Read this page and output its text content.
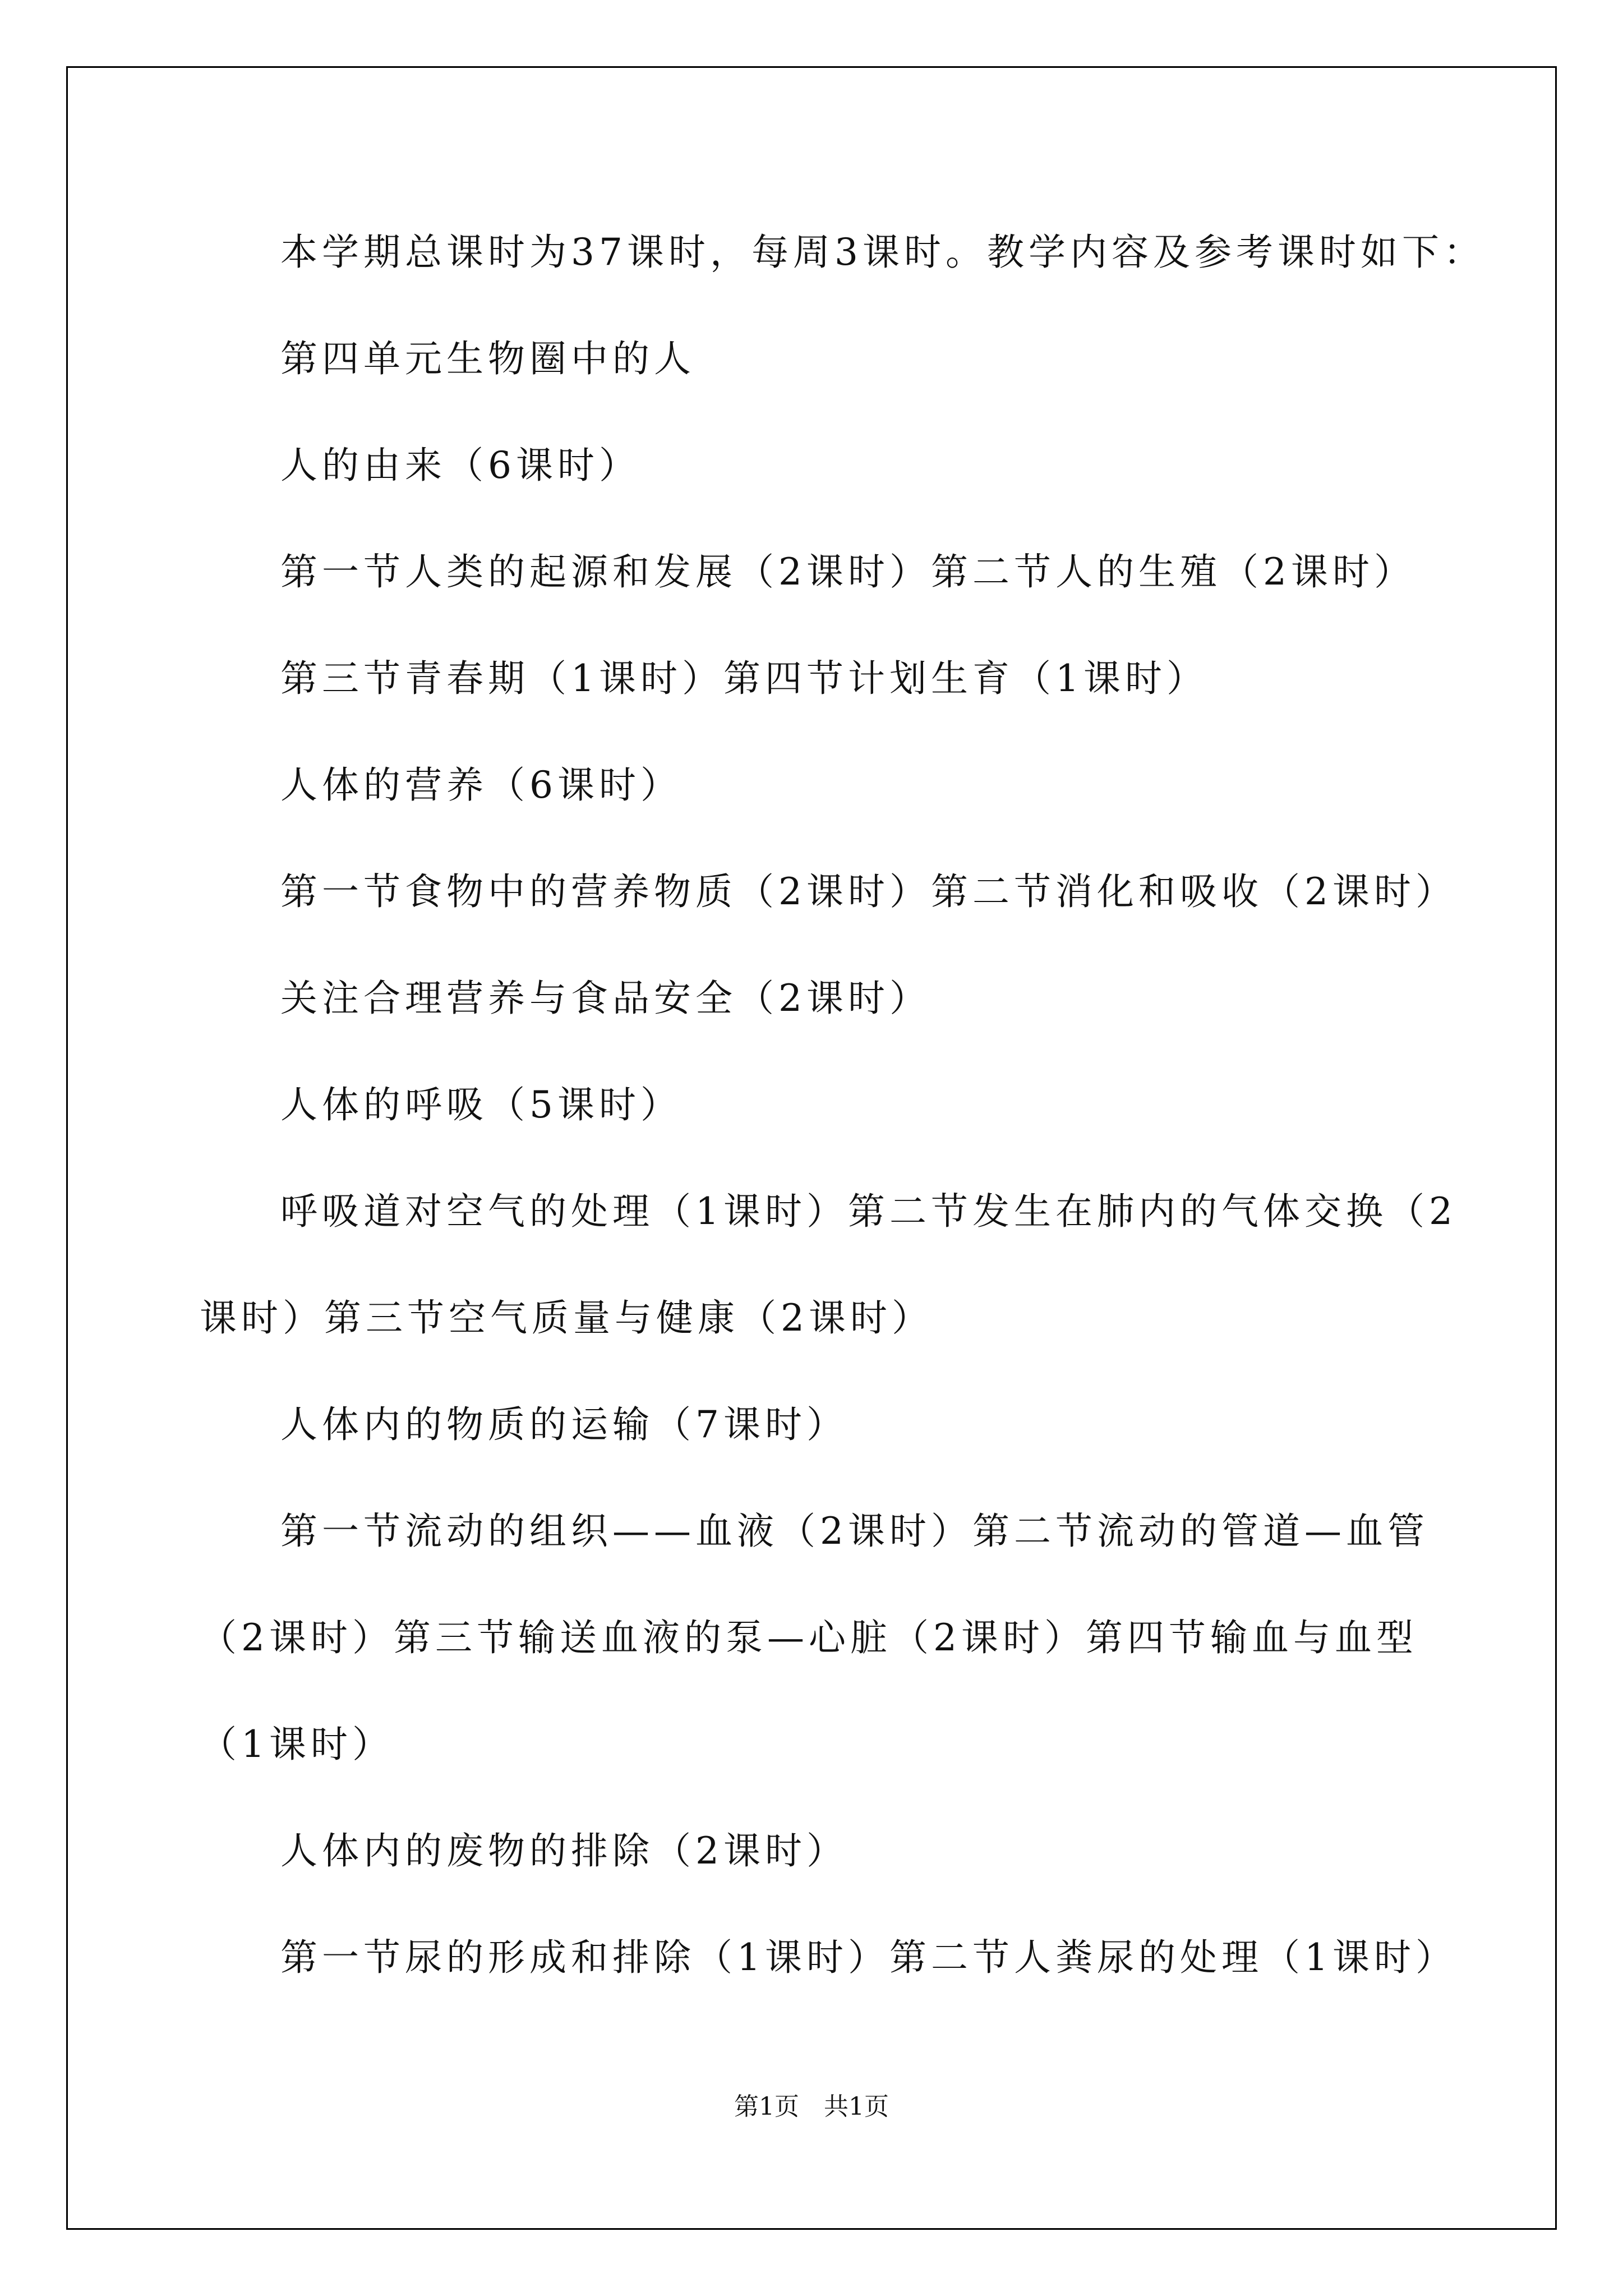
本学期总课时为37课时，每周3课时。教学内容及参考课时如下：

第四单元生物圈中的人

人的由来（6课时）

第一节人类的起源和发展（2课时）第二节人的生殖（2课时）

第三节青春期（1课时）第四节计划生育（1课时）

人体的营养（6课时）

第一节食物中的营养物质（2课时）第二节消化和吸收（2课时）

关注合理营养与食品安全（2课时）

人体的呼吸（5课时）

呼吸道对空气的处理（1课时）第二节发生在肺内的气体交换（2

课时）第三节空气质量与健康（2课时）

人体内的物质的运输（7课时）

第一节流动的组织——血液（2课时）第二节流动的管道—血管

（2课时）第三节输送血液的泵—心脏（2课时）第四节输血与血型

（1课时）

人体内的废物的排除（2课时）

第一节尿的形成和排除（1课时）第二节人粪尿的处理（1课时）

第1页　共1页
